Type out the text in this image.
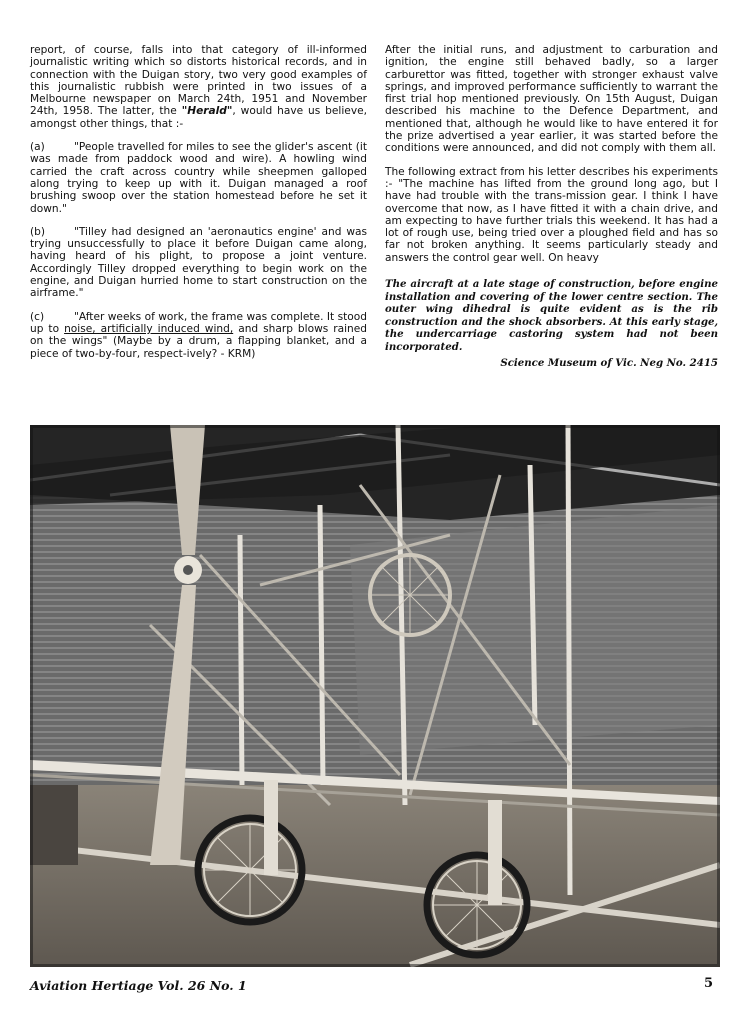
report, of course, falls into that category of ill-informed journalistic writing which so distorts historical records, and in connection with the Duigan story, two very good examples of this journalistic rubbish were printed in two issues of a Melbourne newspaper on March 24th, 1951 and November 24th, 1958. The latter, the "Herald", would have us believe, amongst other things, that :-

(a)	"People travelled for miles to see the glider's ascent (it was made from paddock wood and wire). A howling wind carried the craft across country while sheepmen galloped along trying to keep up with it. Duigan managed a roof brushing swoop over the station homestead before he set it down."

(b)	"Tilley had designed an 'aeronautics engine' and was trying unsuccessfully to place it before Duigan came along, having heard of his plight, to propose a joint venture. Accordingly Tilley dropped everything to begin work on the engine, and Duigan hurried home to start construction on the airframe."

(c)	"After weeks of work, the frame was complete. It stood up to noise, artificially induced wind, and sharp blows rained on the wings" (Maybe by a drum, a flapping blanket, and a piece of two-by-four, respect-ively? - KRM)

After the initial runs, and adjustment to carburation and ignition, the engine still behaved badly, so a larger carburettor was fitted, together with stronger exhaust valve springs, and improved performance sufficiently to warrant the first trial hop mentioned previously. On 15th August, Duigan described his machine to the Defence Department, and mentioned that, although he would like to have entered it for the prize advertised a year earlier, it was started before the conditions were announced, and did not comply with them all.

The following extract from his letter describes his experiments :- "The machine has lifted from the ground long ago, but I have had trouble with the trans-mission gear. I think I have overcome that now, as I have fitted it with a chain drive, and am expecting to have further trials this weekend. It has had a lot of rough use, being tried over a ploughed field and has so far not broken anything. It seems particularly steady and answers the control gear well. On heavy

The aircraft at a late stage of construction, before engine installation and covering of the lower centre section. The outer wing dihedral is quite evident as is the rib construction and the shock absorbers. At this early stage, the undercarriage castoring system had not been incorporated.
Science Museum of Vic. Neg No. 2415
Aviation Hertiage Vol. 26 No. 1	5
